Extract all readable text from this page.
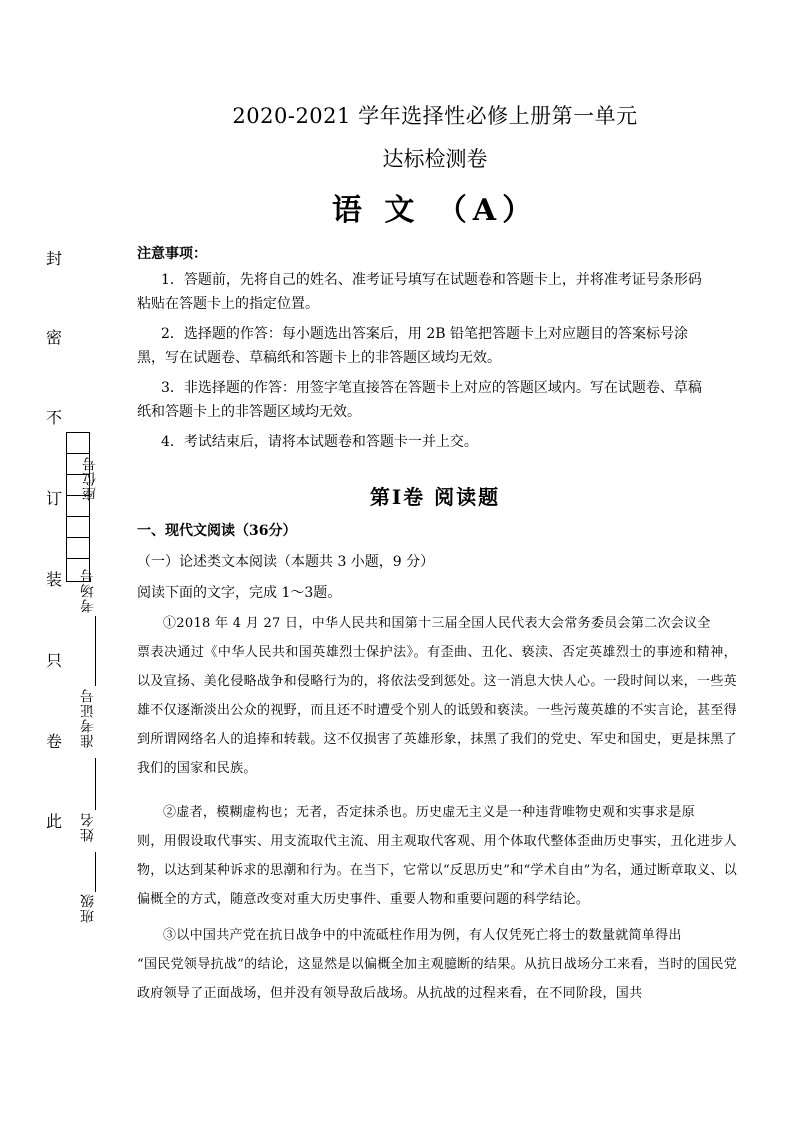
2020-2021 学年选择性必修上册第一单元
达标检测卷
语 文 （A）
封
密
不
订
装
只
卷
此
座位号
考场号
准考证号
姓名
班级
注意事项：
1．答题前，先将自己的姓名、准考证号填写在试题卷和答题卡上，并将准考证号条形码
粘贴在答题卡上的指定位置。
2．选择题的作答：每小题选出答案后，用 2B 铅笔把答题卡上对应题目的答案标号涂
黑，写在试题卷、草稿纸和答题卡上的非答题区域均无效。
3．非选择题的作答：用签字笔直接答在答题卡上对应的答题区域内。写在试题卷、草稿
纸和答题卡上的非答题区域均无效。
4．考试结束后，请将本试题卷和答题卡一并上交。
第Ⅰ卷 阅读题
一、现代文阅读（36分）
（一）论述类文本阅读（本题共 3 小题，9 分）
阅读下面的文字，完成 1～3题。
①2018 年 4 月 27 日，中华人民共和国第十三届全国人民代表大会常务委员会第二次会议全
票表决通过《中华人民共和国英雄烈士保护法》。有歪曲、丑化、亵渎、否定英雄烈士的事迹和精神，以及宣扬、美化侵略战争和侵略行为的，将依法受到惩处。这一消息大快人心。一段时间以来，一些英雄不仅逐渐淡出公众的视野，而且还不时遭受个别人的诋毁和亵渎。一些污蔑英雄的不实言论，甚至得到所谓网络名人的追捧和转载。这不仅损害了英雄形象，抹黑了我们的党史、军史和国史，更是抹黑了我们的国家和民族。
②虚者，模糊虚构也；无者，否定抹杀也。历史虚无主义是一种违背唯物史观和实事求是原
则，用假设取代事实、用支流取代主流、用主观取代客观、用个体取代整体歪曲历史事实，丑化进步人物，以达到某种诉求的思潮和行为。在当下，它常以“反思历史”和“学术自由”为名，通过断章取义、以偏概全的方式，随意改变对重大历史事件、重要人物和重要问题的科学结论。
③以中国共产党在抗日战争中的中流砥柱作用为例，有人仅凭死亡将士的数量就简单得出
“国民党领导抗战”的结论，这显然是以偏概全加主观臆断的结果。从抗日战场分工来看，当时的国民党政府领导了正面战场，但并没有领导敌后战场。从抗战的过程来看，在不同阶段，国共
